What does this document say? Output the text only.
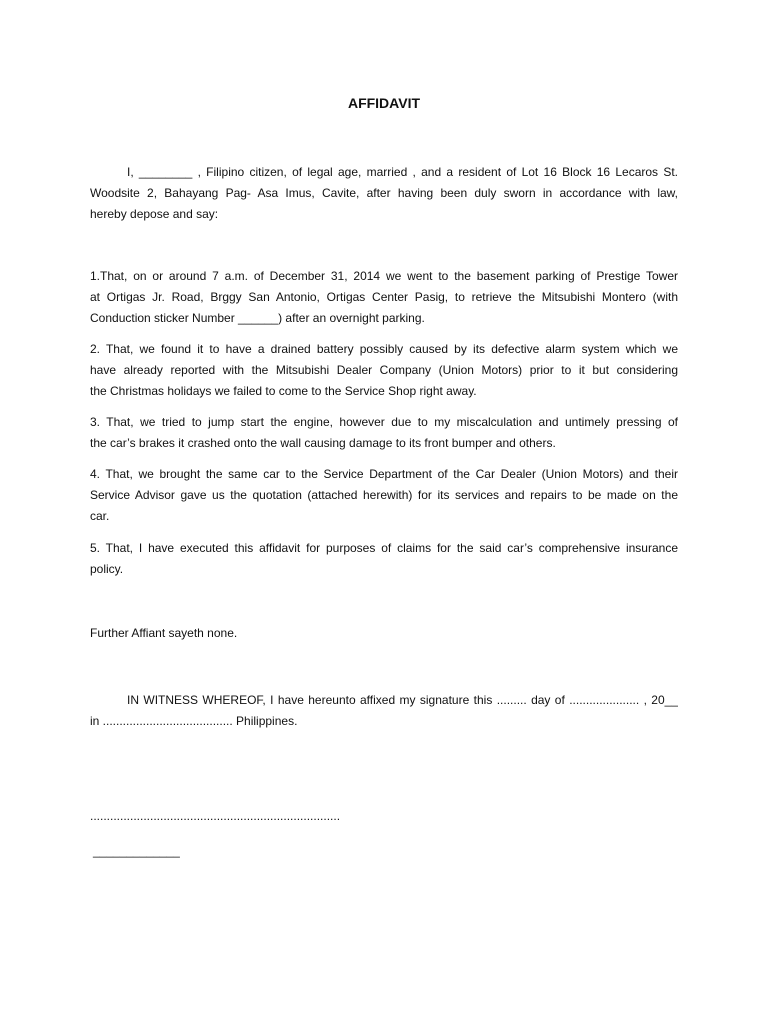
AFFIDAVIT
I, ________ , Filipino citizen, of legal age, married , and a resident of Lot 16 Block 16 Lecaros St.
Woodsite 2, Bahayang Pag- Asa Imus, Cavite, after having been duly sworn in accordance with law,
hereby depose and say:
1.That, on or around 7 a.m. of December 31, 2014 we went to the basement parking of Prestige Tower
at Ortigas Jr. Road, Brggy San Antonio, Ortigas Center Pasig, to retrieve the Mitsubishi Montero (with
Conduction sticker Number ______) after an overnight parking.
2. That, we found it to have a drained battery possibly caused by its defective alarm system which we
have already reported with the Mitsubishi Dealer Company (Union Motors) prior to it but considering
the Christmas holidays we failed to come to the Service Shop right away.
3. That, we tried to jump start the engine, however due to my miscalculation and untimely pressing of
the car’s brakes it crashed onto the wall causing damage to its front bumper and others.
4. That, we brought the same car to the Service Department of the Car Dealer (Union Motors) and their
Service Advisor gave us the quotation (attached herewith) for its services and repairs to be made on the
car.
5. That, I have executed this affidavit for purposes of claims for the said car’s comprehensive insurance
policy.
Further Affiant sayeth none.
IN WITNESS WHEREOF, I have hereunto affixed my signature this ......... day of ..................... , 20__
in ....................................... Philippines.
...........................................................................
_____________
